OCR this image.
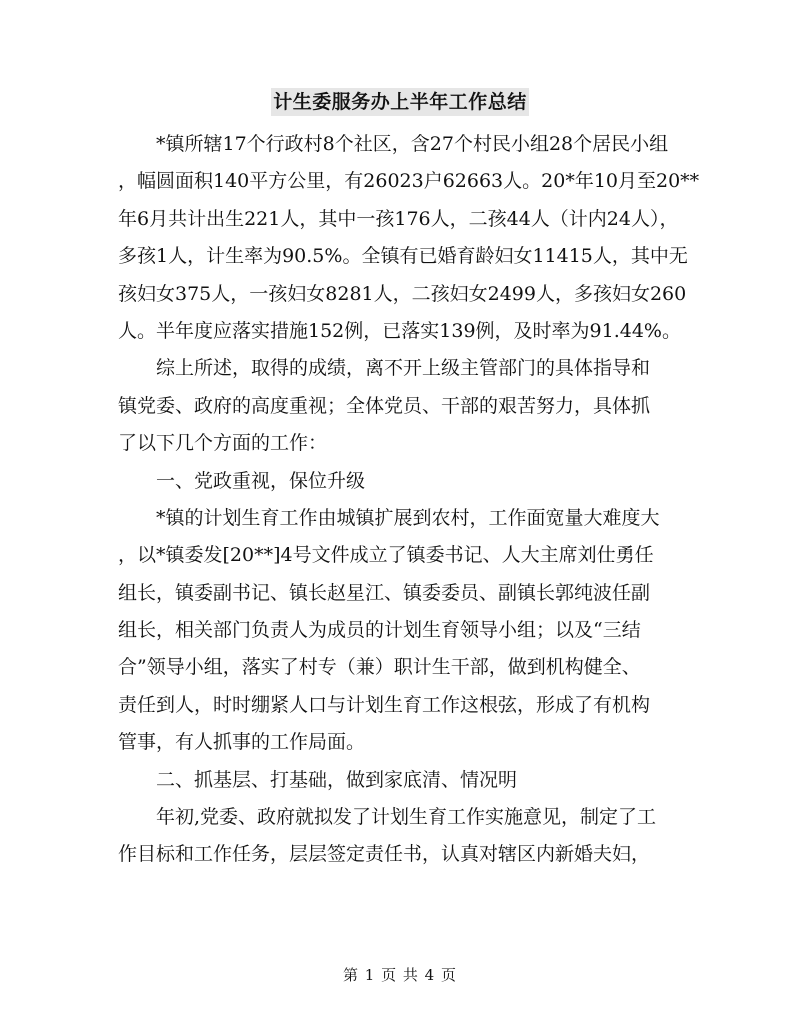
计生委服务办上半年工作总结
*镇所辖17个行政村8个社区，含27个村民小组28个居民小组
，幅圆面积140平方公里，有26023户62663人。20*年10月至20**
年6月共计出生221人，其中一孩176人，二孩44人（计内24人），
多孩1人，计生率为90.5%。全镇有已婚育龄妇女11415人，其中无
孩妇女375人，一孩妇女8281人，二孩妇女2499人，多孩妇女260
人。半年度应落实措施152例，已落实139例，及时率为91.44%。
综上所述，取得的成绩，离不开上级主管部门的具体指导和
镇党委、政府的高度重视；全体党员、干部的艰苦努力，具体抓
了以下几个方面的工作：
一、党政重视，保位升级
*镇的计划生育工作由城镇扩展到农村，工作面宽量大难度大
，以*镇委发[20**]4号文件成立了镇委书记、人大主席刘仕勇任
组长，镇委副书记、镇长赵星江、镇委委员、副镇长郭纯波任副
组长，相关部门负责人为成员的计划生育领导小组；以及“三结
合”领导小组，落实了村专（兼）职计生干部，做到机构健全、
责任到人，时时绷紧人口与计划生育工作这根弦，形成了有机构
管事，有人抓事的工作局面。
二、抓基层、打基础，做到家底清、情况明
年初,党委、政府就拟发了计划生育工作实施意见，制定了工
作目标和工作任务，层层签定责任书，认真对辖区内新婚夫妇，
第 1 页 共 4 页
